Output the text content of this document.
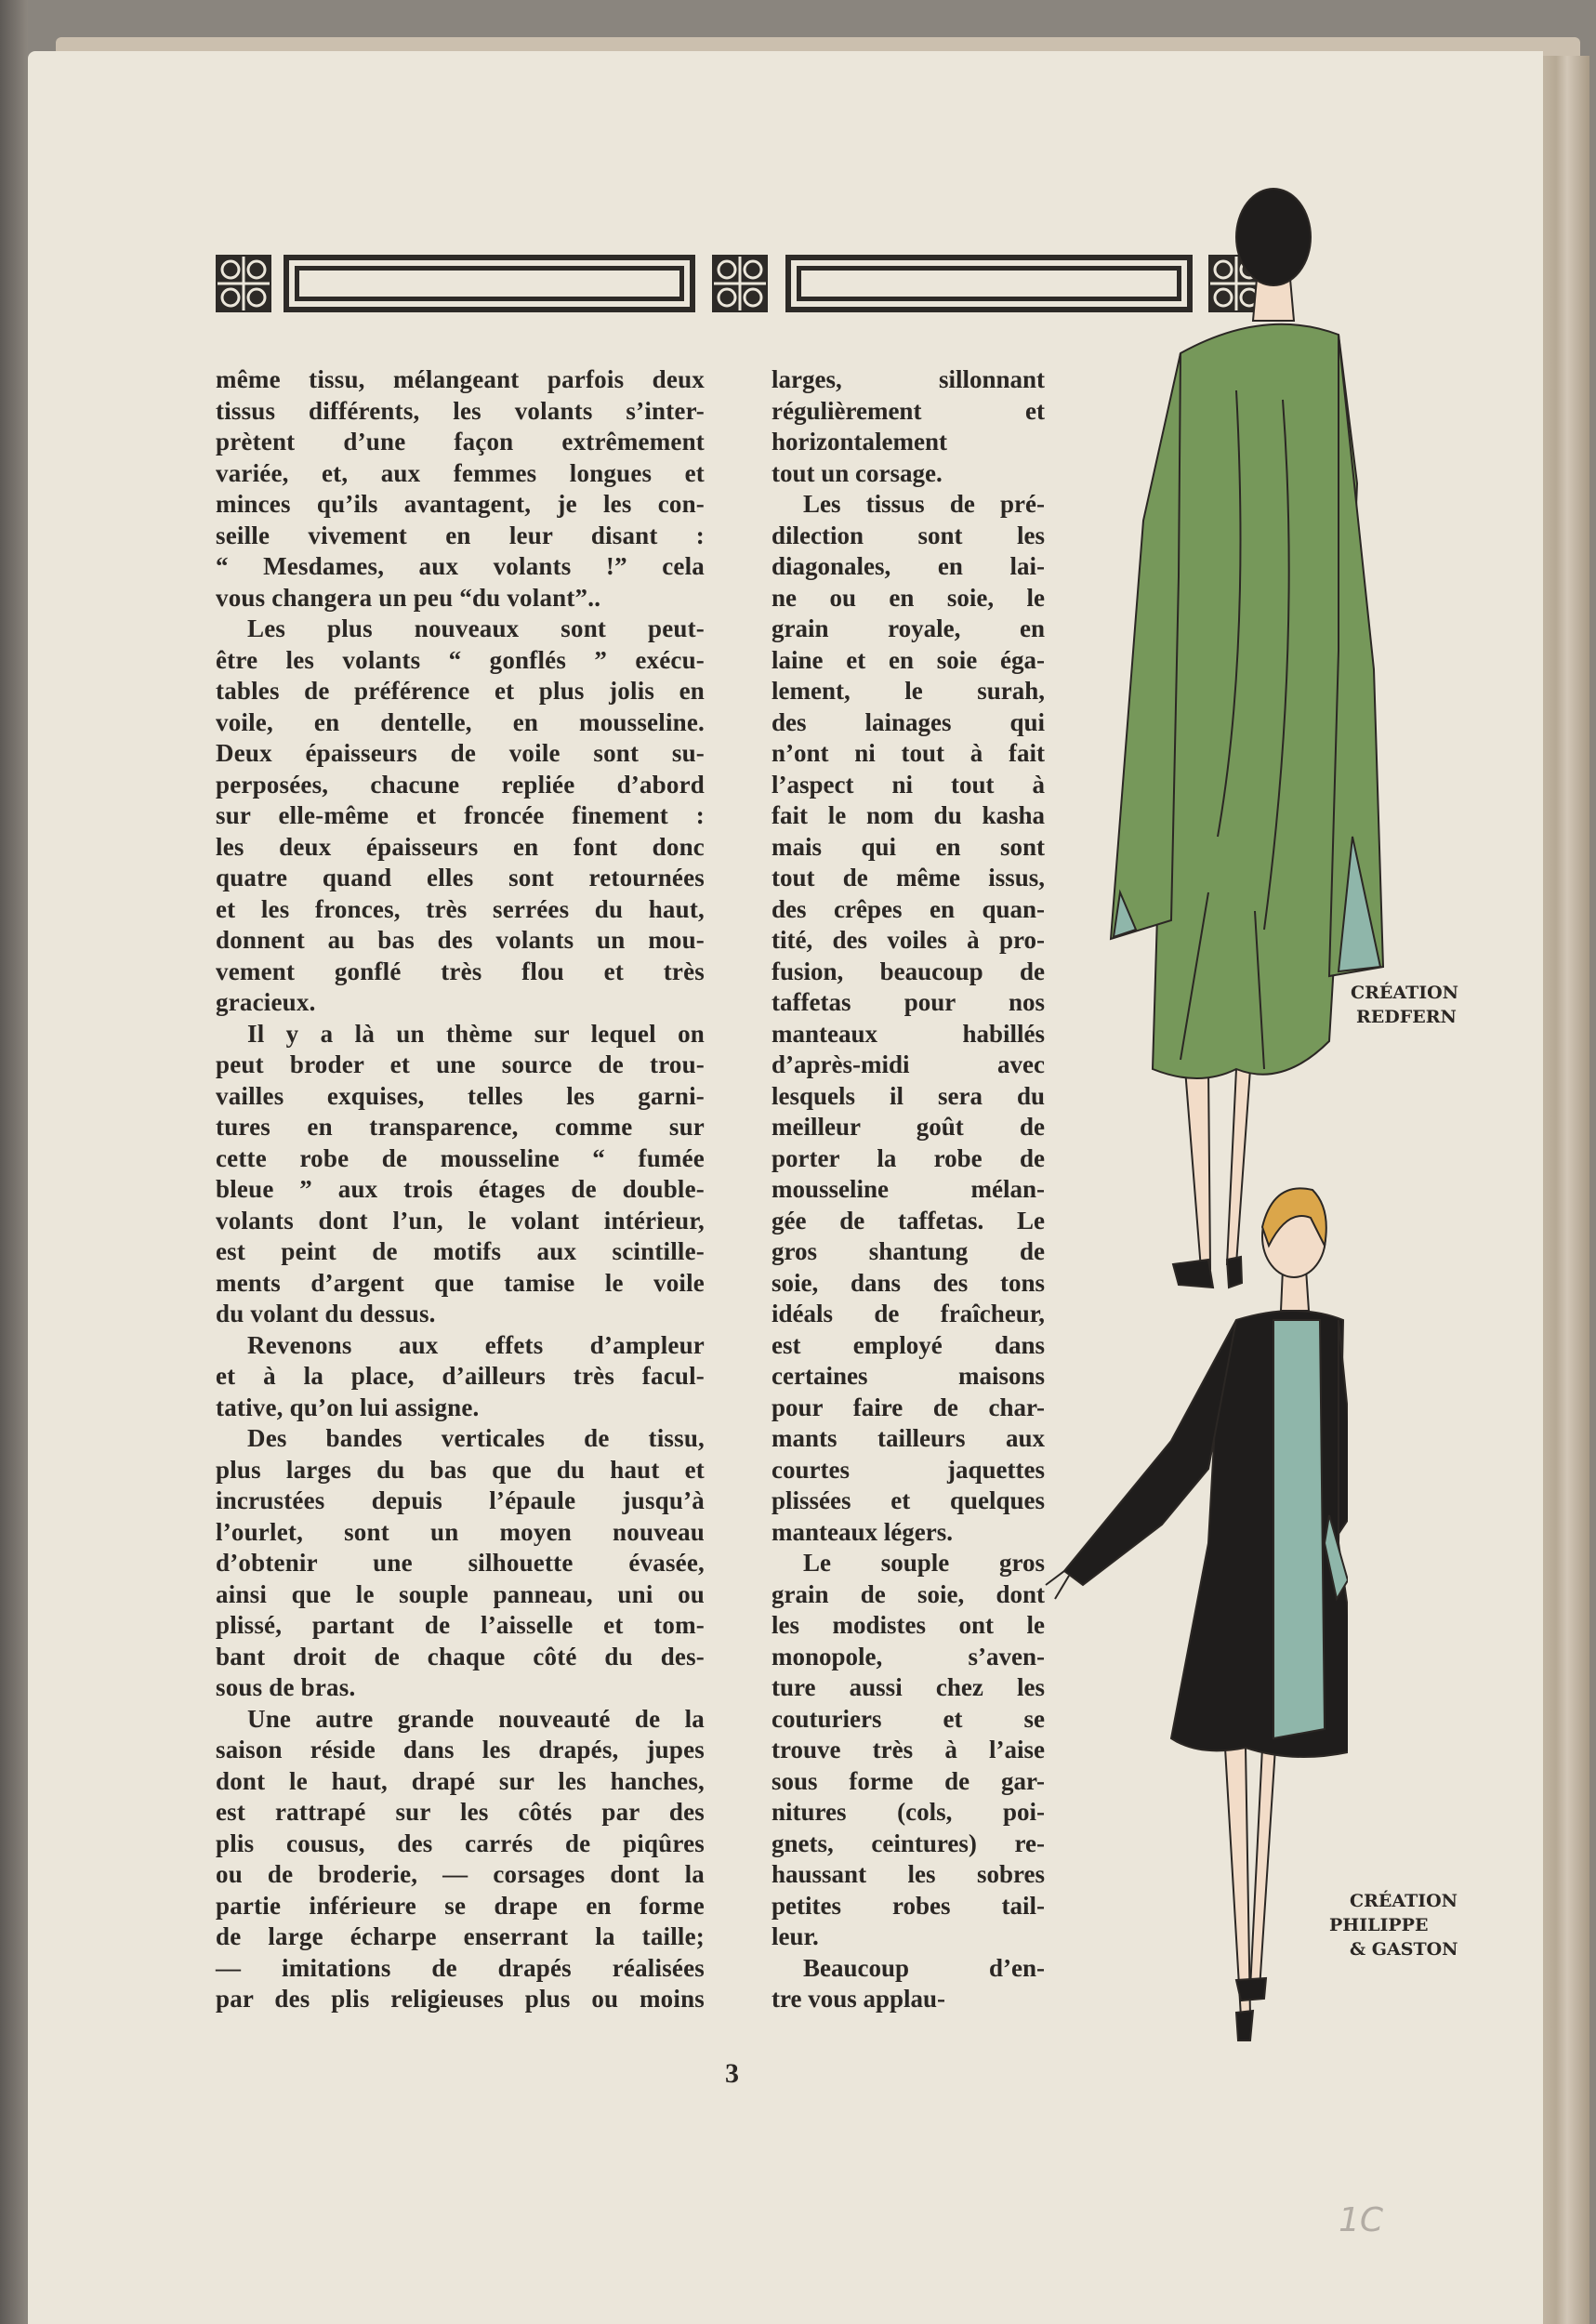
même tissu, mélangeant parfois deux
tissus différents, les volants s’inter-
prètent d’une façon extrêmement
variée, et, aux femmes longues et
minces qu’ils avantagent, je les con-
seille vivement en leur disant :
“ Mesdames, aux volants !” cela
vous changera un peu “du volant”..
Les plus nouveaux sont peut-
être les volants “ gonflés ” exécu-
tables de préférence et plus jolis en
voile, en dentelle, en mousseline.
Deux épaisseurs de voile sont su-
perposées, chacune repliée d’abord
sur elle-même et froncée finement :
les deux épaisseurs en font donc
quatre quand elles sont retournées
et les fronces, très serrées du haut,
donnent au bas des volants un mou-
vement gonflé très flou et très
gracieux.
Il y a là un thème sur lequel on
peut broder et une source de trou-
vailles exquises, telles les garni-
tures en transparence, comme sur
cette robe de mousseline “ fumée
bleue ” aux trois étages de double-
volants dont l’un, le volant intérieur,
est peint de motifs aux scintille-
ments d’argent que tamise le voile
du volant du dessus.
Revenons aux effets d’ampleur
et à la place, d’ailleurs très facul-
tative, qu’on lui assigne.
Des bandes verticales de tissu,
plus larges du bas que du haut et
incrustées depuis l’épaule jusqu’à
l’ourlet, sont un moyen nouveau
d’obtenir une silhouette évasée,
ainsi que le souple panneau, uni ou
plissé, partant de l’aisselle et tom-
bant droit de chaque côté du des-
sous de bras.
Une autre grande nouveauté de la
saison réside dans les drapés, jupes
dont le haut, drapé sur les hanches,
est rattrapé sur les côtés par des
plis cousus, des carrés de piqûres
ou de broderie, — corsages dont la
partie inférieure se drape en forme
de large écharpe enserrant la taille;
— imitations de drapés réalisées
par des plis religieuses plus ou moins
larges, sillonnant
régulièrement et
horizontalement
tout un corsage.
Les tissus de pré-
dilection sont les
diagonales, en lai-
ne ou en soie, le
grain royale, en
laine et en soie éga-
lement, le surah,
des lainages qui
n’ont ni tout à fait
l’aspect ni tout à
fait le nom du kasha
mais qui en sont
tout de même issus,
des crêpes en quan-
tité, des voiles à pro-
fusion, beaucoup de
taffetas pour nos
manteaux habillés
d’après-midi avec
lesquels il sera du
meilleur goût de
porter la robe de
mousseline mélan-
gée de taffetas. Le
gros shantung de
soie, dans des tons
idéals de fraîcheur,
est employé dans
certaines maisons
pour faire de char-
mants tailleurs aux
courtes jaquettes
plissées et quelques
manteaux légers.
Le souple gros
grain de soie, dont
les modistes ont le
monopole, s’aven-
ture aussi chez les
couturiers et se
trouve très à l’aise
sous forme de gar-
nitures (cols, poi-
gnets, ceintures) re-
haussant les sobres
petites robes tail-
leur.
Beaucoup d’en-
tre vous applau-
CRÉATION
REDFERN
CRÉATION
PHILIPPE
& GASTON
3
1C
